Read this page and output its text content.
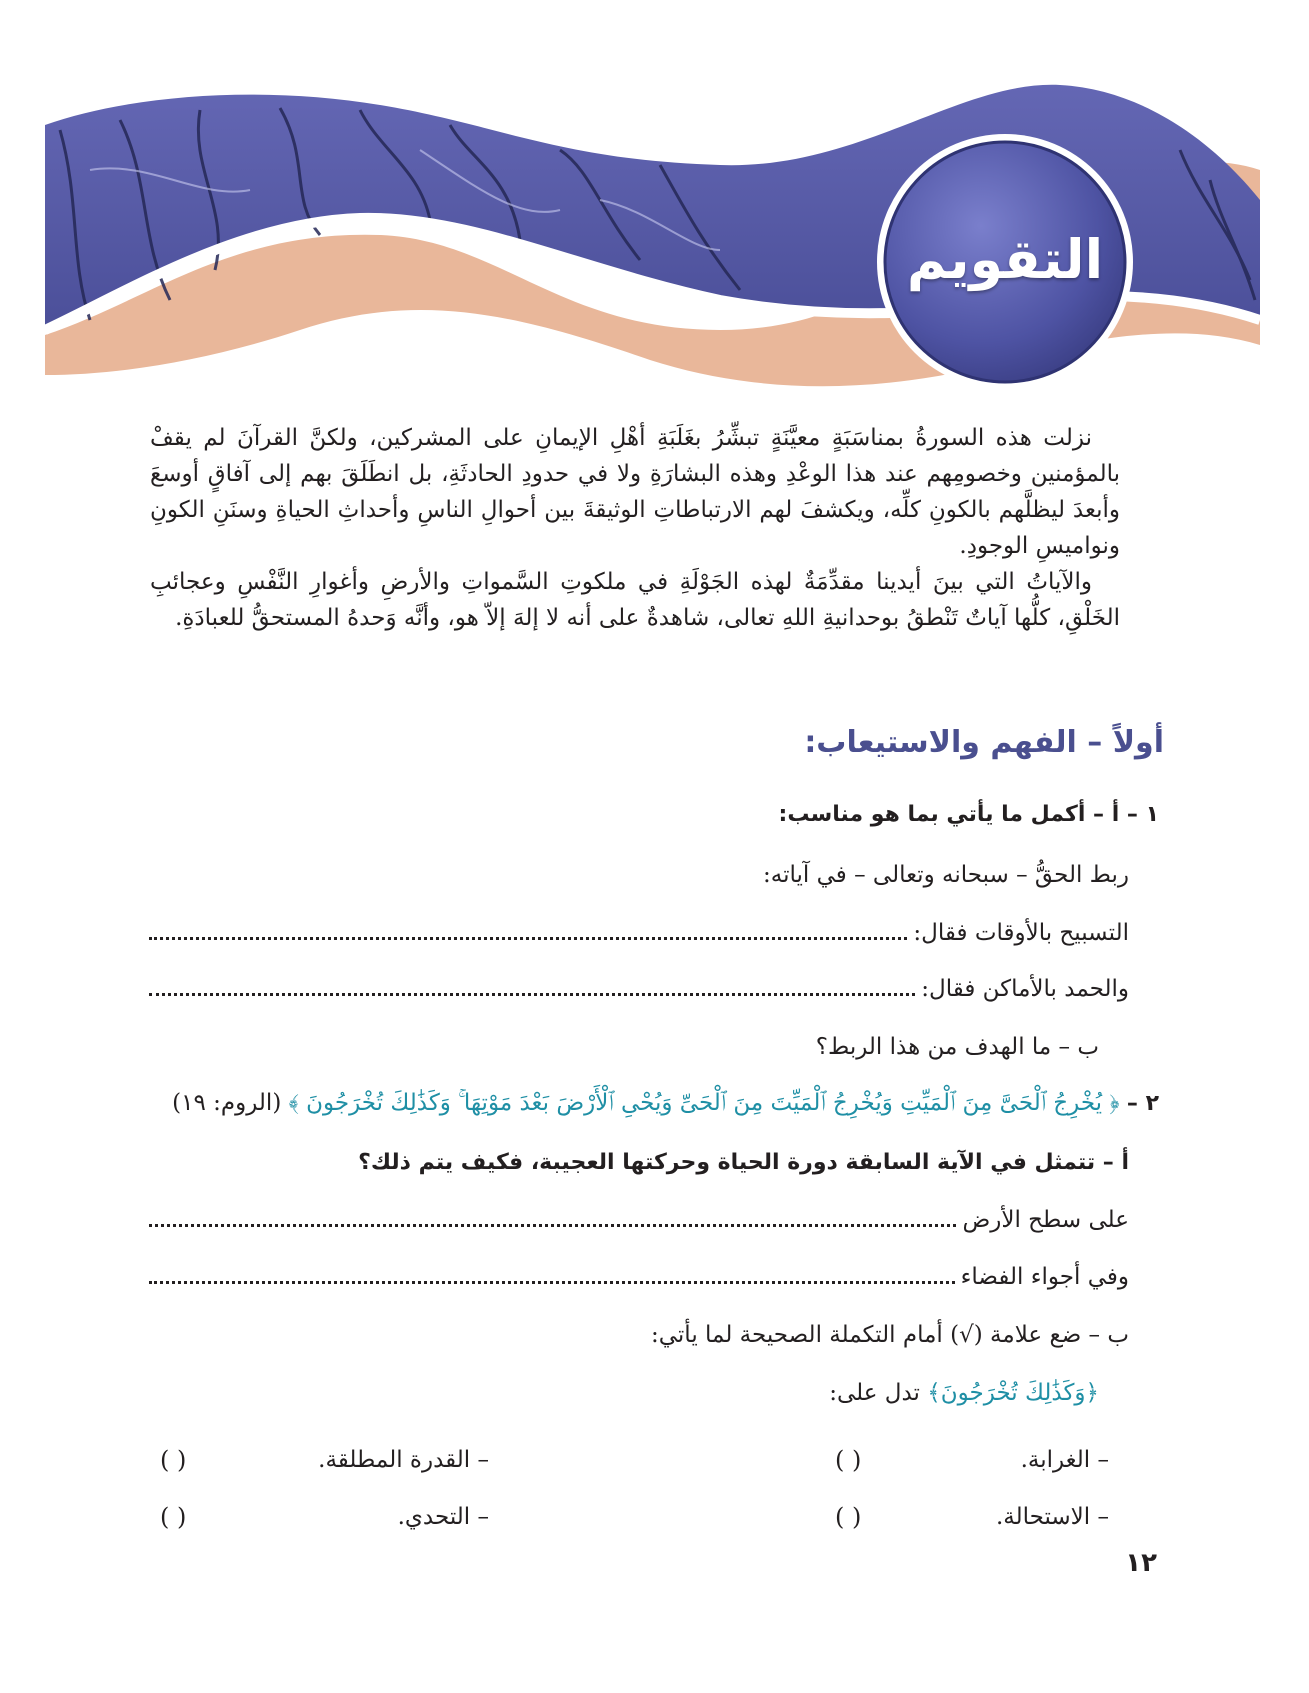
التقويم

نزلت هذه السورةُ بمناسَبَةٍ معيَّنَةٍ تبشِّرُ بغَلَبَةِ أهْلِ الإيمانِ على المشركين، ولكنَّ القرآنَ لم يقفْ بالمؤمنين وخصومِهم عند هذا الوعْدِ وهذه البشارَةِ ولا في حدودِ الحادثَةِ، بل انطَلَقَ بهم إلى آفاقٍ أوسعَ وأبعدَ ليظلَّهم بالكونِ كلِّه، ويكشفَ لهم الارتباطاتِ الوثيقةَ بين أحوالِ الناسِ وأحداثِ الحياةِ وسنَنِ الكونِ ونواميسِ الوجودِ.

والآياتُ التي بينَ أيدينا مقدِّمَةٌ لهذه الجَوْلَةِ في ملكوتِ السَّمواتِ والأرضِ وأغوارِ النَّفْسِ وعجائبِ الخَلْقِ، كلُّها آياتٌ تَنْطقُ بوحدانيةِ اللهِ تعالى، شاهدةٌ على أنه لا إلهَ إلاّ هو، وأنَّه وَحدهُ المستحقُّ للعبادَةِ.

أولاً – الفهم والاستيعاب:
١ – أ – أكمل ما يأتي بما هو مناسب:
ربط الحقُّ – سبحانه وتعالى – في آياته:
التسبيح بالأوقات فقال:
والحمد بالأماكن فقال:
ب – ما الهدف من هذا الربط؟
٢ – ﴿ يُخْرِجُ ٱلْحَىَّ مِنَ ٱلْمَيِّتِ وَيُخْرِجُ ٱلْمَيِّتَ مِنَ ٱلْحَىِّ وَيُحْىِ ٱلْأَرْضَ بَعْدَ مَوْتِهَا ۚ وَكَذَٰلِكَ تُخْرَجُونَ ﴾ (الروم: ١٩)
أ – تتمثل في الآية السابقة دورة الحياة وحركتها العجيبة، فكيف يتم ذلك؟
على سطح الأرض
وفي أجواء الفضاء
ب – ضع علامة (√) أمام التكملة الصحيحة لما يأتي:
﴿وَكَذَٰلِكَ تُخْرَجُونَ﴾ تدل على:
– الغرابة.
( )
– القدرة المطلقة.
( )
– الاستحالة.
( )
– التحدي.
( )
١٢
